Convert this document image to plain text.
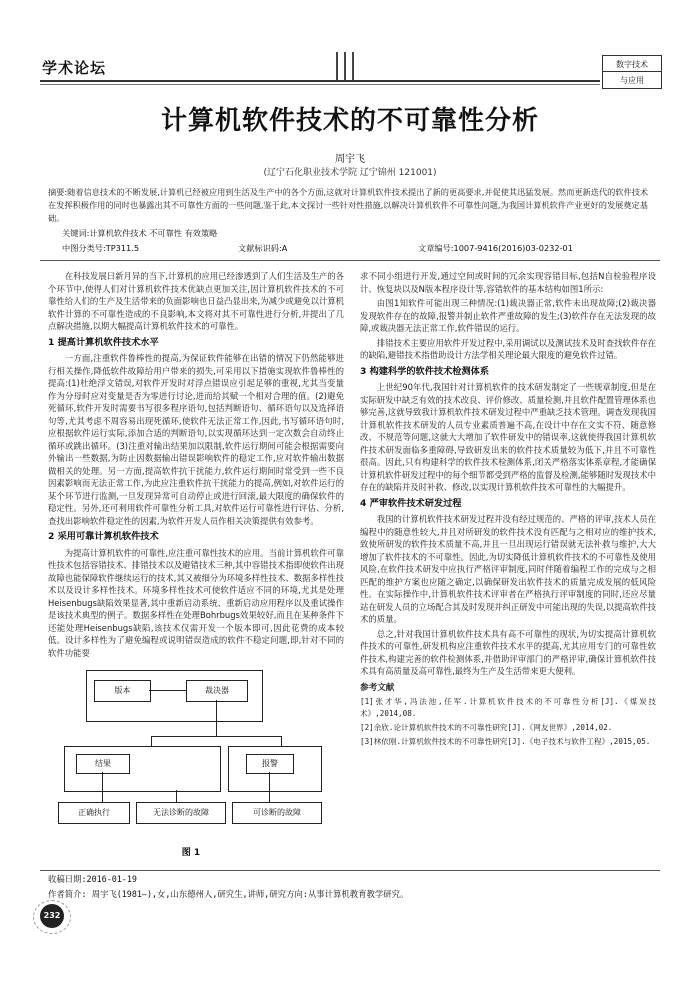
学术论坛	数字技术
与应用
计算机软件技术的不可靠性分析
周宇飞
(辽宁石化职业技术学院 辽宁锦州 121001)
摘要:随着信息技术的不断发展,计算机已经被应用到生活及生产中的各个方面,这就对计算机软件技术提出了新的更高要求,并促使其迅猛发展。然而更新迭代的软件技术在发挥积极作用的同时也暴露出其不可靠性方面的一些问题,鉴于此,本文探讨一些针对性措施,以解决计算机软件不可靠性问题,为我国计算机软件产业更好的发展奠定基础。
关键词:计算机软件技术 不可靠性 有效策略
中图分类号:TP311.5	文献标识码:A	文章编号:1007-9416(2016)03-0232-01

在科技发展日新月异的当下,计算机的应用已经渗透到了人们生活及生产的各个环节中,使得人们对计算机软件技术优缺点更加关注,因计算机软件技术的不可靠性给人们的生产及生活带来的负面影响也日益凸显出来,为减少或避免以计算机软件计算的不可靠性造成的不良影响,本文将对其不可靠性进行分析,并提出了几点解决措施,以期大幅提高计算机软件技术的可靠性。

1 提高计算机软件技术水平

一方面,注重软件鲁棒性的提高,为保证软件能够在出错的情况下仍然能够进行相关操作,降低软件故障给用户带来的损失,可采用以下措施实现软件鲁棒性的提高:(1)杜绝浮文错误,对软件开发时对浮点错误应引起足够的重视,尤其当变量作为分母时应对变量是否为零进行讨论,进而给其赋一个相对合理的值。(2)避免死循环,软件开发时需要书写很多程序语句,包括判断语句、循环语句以及选择语句等,尤其考虑不周容易出现死循环,使软件无法正常工作,因此,书写循环语句时,应根据软件运行实际,添加合适的判断语句,以实现循环达到一定次数会自动终止循环或跳出循环。(3)注重对输出结果加以限制,软件运行期间可能会根据需要向外输出一些数据,为防止因数据输出错误影响软件的稳定工作,应对软件输出数据做相关的处理。另一方面,提高软件抗干扰能力,软件运行期间时常受到一些不良因素影响而无法正常工作,为此应注重软件抗干扰能力的提高,例如,对软件运行的某个环节进行监测,一旦发现异常可自动停止或进行回滚,最大限度的确保软件的稳定性。另外,还可利用软件可靠性分析工具,对软件运行可靠性进行评估、分析,查找出影响软件稳定性的因素,为软件开发人员作相关决策提供有效参考。

2 采用可靠计算机软件技术

为提高计算机软件的可靠性,应注重可靠性技术的应用。当前计算机软件可靠性技术包括容错技术、排错技术以及避错技术三种,其中容错技术指即使软件出现故障也能保障软件继续运行的技术,其又被细分为环境多样性技术、数据多样性技术以及设计多样性技术。环境多样性技术可使软件适应不同的环境,尤其是处理Heisenbugs缺陷效果显著,其中重新启动系统、重新启动应用程序以及重试操作是该技术典型的例子。数据多样性在处理Bohrbugs效果较好,而且在某种条件下还能处理Heisenbugs缺陷,该技术仅需开发一个版本即可,因此花费的成本较低。设计多样性为了避免编程或说明错误造成的软件不稳定问题,即,针对不同的软件功能要

版本	裁决器
结果	报警
正确执行	无法诊断的故障	可诊断的故障
图 1

求不同小组进行开发,通过空间或时间的冗余实现容错目标,包括N自检验程序设计、恢复块以及N版本程序设计等,容错软件的基本结构如图1所示:

由图1知软件可能出现三种情况:(1)裁决器正常,软件未出现故障;(2)裁决器发现软件存在的故障,报警并制止软件严重故障的发生;(3)软件存在无法发现的故障,或裁决器无法正常工作,软件错误的运行。

排错技术主要应用软件开发过程中,采用调试以及测试技术及时查找软件存在的缺陷,避错技术指借助设计方法学相关理论最大限度的避免软件过错。

3 构建科学的软件技术检测体系

上世纪90年代,我国针对计算机软件的技术研发制定了一些规章制度,但是在实际研发中缺乏有效的技术改良、评价修改、质量检测,并且软件配置管理体系也够完善,这就导致我计算机软件技术研发过程中严重缺乏技术管理。调查发现我国计算机软件技术研发的人员专业素质普遍不高,在设计中存在文实不符、随意修改、不规范等问题,这就大大增加了软件研发中的错误率,这就使得我国计算机软件技术研发面临多重障碍,导致研发出来的软件技术质量较为低下,并且不可靠性很高。因此,只有构建科学的软件技术检测体系,闭关严格落实体系章程,才能确保计算机软件研发过程中的每个细节都受到严格的监督及检测,能够随时发现技术中存在的缺陷并及时补救、修改,以实现计算机软件技术可靠性的大幅提升。

4 严审软件技术研发过程

我国的计算机软件技术研发过程并没有经过规范的、严格的评审,技术人员在编程中的随意性较大,并且对所研发的软件技术没有匹配与之相对应的维护技术,致使所研发的软件技术质量不高,并且一旦出现运行错误就无法补救与维护,大大增加了软件技术的不可靠性。因此,为切实降低计算机软件技术的不可靠性及使用风险,在软件技术研发中应执行严格评审制度,同时伴随着编程工作的完成与之相匹配的维护方案也应随之确定,以确保研发出软件技术的质量完成发展的低风险性。在实际操作中,计算机软件技术评审者在严格执行评审制度的同时,还应尽量站在研发人员的立场配合其及时发现并纠正研发中可能出现的失误,以提高软件技术的质量。

总之,针对我国计算机软件技术具有高不可靠性的现状,为切实提高计算机软件技术的可靠性,研发机构应注重软件技术水平的提高,尤其应用专门的可靠性软件技术,构建完善的软件检测体系,并借助评审部门的严格评审,确保计算机软件技术具有高质量及高可靠性,最终为生产及生活带来更大便利。

参考文献

[1]张才华,冯法池,任军.计算机软件技术的不可靠性分析[J].《煤炭技术》,2014,08.

[2]余欣.论计算机软件技术的不可靠性研究[J].《网友世界》,2014,02.

[3]林依刚.计算机软件技术的不可靠性研究[J].《电子技术与软件工程》,2015,05.

收稿日期:2016-01-19
作者简介: 周宇飞(1981—),女,山东德州人,研究生,讲师,研究方向:从事计算机教育教学研究。
232
